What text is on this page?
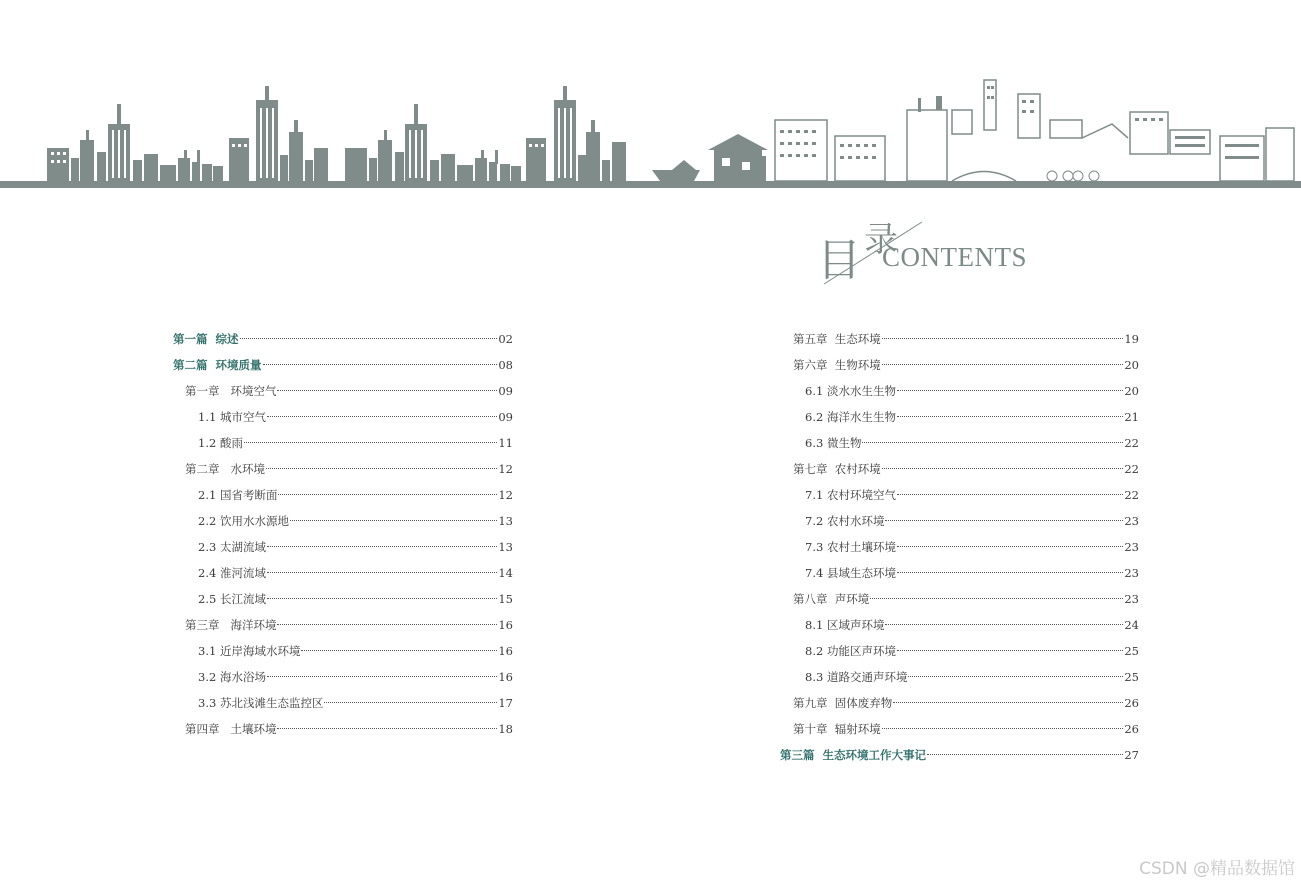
目 录
CONTENTS
第一篇  综述	02
第二篇  环境质量	08
第一章   环境空气	09
1.1 城市空气	09
1.2 酸雨	11
第二章   水环境	12
2.1 国省考断面	12
2.2 饮用水水源地	13
2.3 太湖流域	13
2.4 淮河流域	14
2.5 长江流域	15
第三章   海洋环境	16
3.1 近岸海域水环境	16
3.2 海水浴场	16
3.3 苏北浅滩生态监控区	17
第四章   土壤环境	18
第五章  生态环境	19
第六章  生物环境	20
6.1 淡水水生生物	20
6.2 海洋水生生物	21
6.3 微生物	22
第七章  农村环境	22
7.1 农村环境空气	22
7.2 农村水环境	23
7.3 农村土壤环境	23
7.4 县域生态环境	23
第八章  声环境	23
8.1 区域声环境	24
8.2 功能区声环境	25
8.3 道路交通声环境	25
第九章  固体废弃物	26
第十章  辐射环境	26
第三篇  生态环境工作大事记	27
CSDN @精品数据馆
